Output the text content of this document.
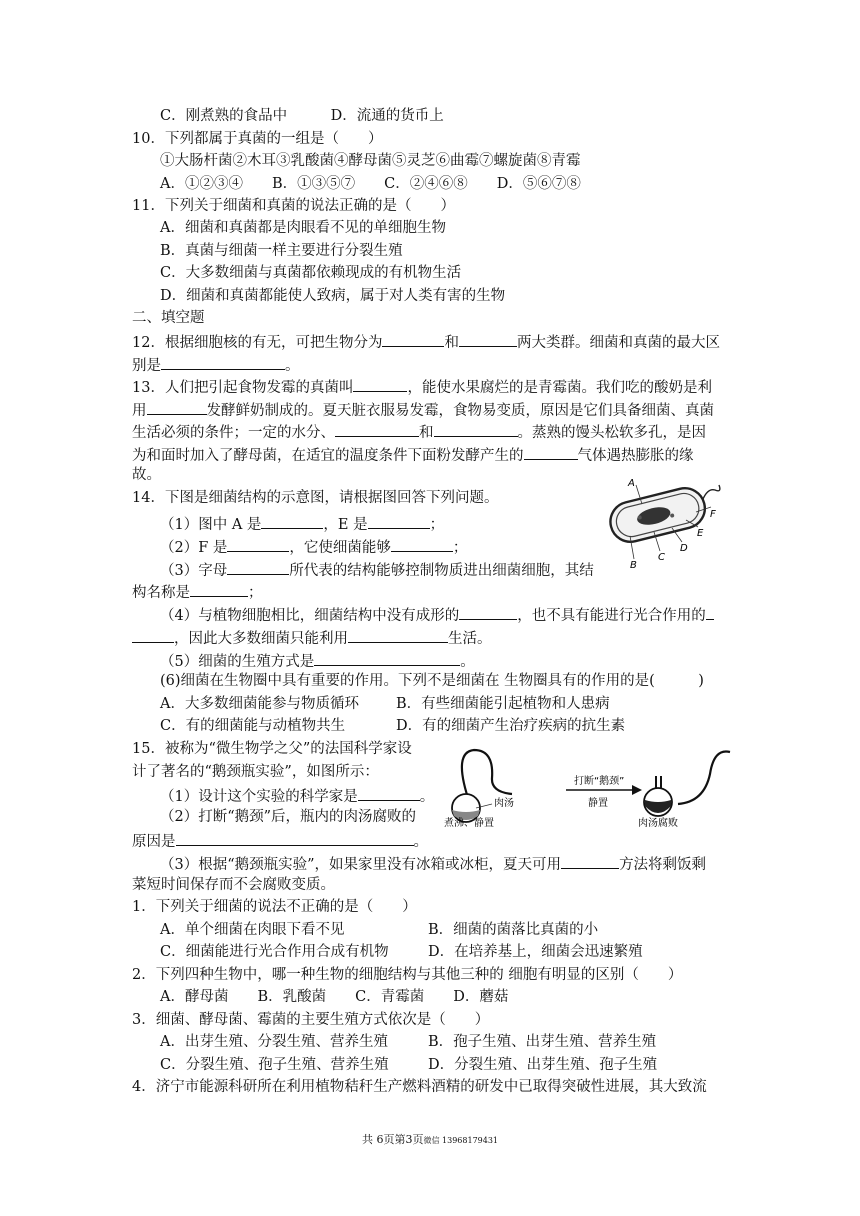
C．刚煮熟的食品中　　　D．流通的货币上
10．下列都属于真菌的一组是（　　）
①大肠杆菌②木耳③乳酸菌④酵母菌⑤灵芝⑥曲霉⑦螺旋菌⑧青霉
A．①②③④　　B．①③⑤⑦　　C．②④⑥⑧　　D．⑤⑥⑦⑧
11．下列关于细菌和真菌的说法正确的是（　　）
A．细菌和真菌都是肉眼看不见的单细胞生物
B．真菌与细菌一样主要进行分裂生殖
C．大多数细菌与真菌都依赖现成的有机物生活
D．细菌和真菌都能使人致病，属于对人类有害的生物
二、填空题
12．根据细胞核的有无，可把生物分为	和	两大类群。细菌和真菌的最大区
别是	。
13．人们把引起食物发霉的真菌叫	，能使水果腐烂的是青霉菌。我们吃的酸奶是利
用	发酵鲜奶制成的。夏天脏衣服易发霉，食物易变质，原因是它们具备细菌、真菌
生活必须的条件；一定的水分、	和	。蒸熟的馒头松软多孔，是因
为和面时加入了酵母菌，在适宜的温度条件下面粉发酵产生的	气体遇热膨胀的缘
故。
14．下图是细菌结构的示意图，请根据图回答下列问题。
（1）图中 A 是	，E 是	；
（2）F 是	，它使细菌能够	；
（3）字母	所代表的结构能够控制物质进出细菌细胞，其结
构名称是	；
（4）与植物细胞相比，细菌结构中没有成形的	，也不具有能进行光合作用的
，因此大多数细菌只能利用	生活。
（5）细菌的生殖方式是	。
(6)细菌在生物圈中具有重要的作用。下列不是细菌在 生物圈具有的作用的是(　　　)
A．大多数细菌能参与物质循环	B．有些细菌能引起植物和人患病
C．有的细菌能与动植物共生	D．有的细菌产生治疗疾病的抗生素
A
F
E
D
C
B
15．被称为“微生物学之父”的法国科学家设
计了著名的“鹅颈瓶实验”，如图所示：
（1）设计这个实验的科学家是	。
（2）打断“鹅颈”后，瓶内的肉汤腐败的
原因是	。
（3）根据“鹅颈瓶实验”，如果家里没有冰箱或冰柜，夏天可用	方法将剩饭剩
菜短时间保存而不会腐败变质。
肉汤
煮沸、静置
打断“鹅颈”
静置
肉汤腐败
1．下列关于细菌的说法不正确的是（　　）
A．单个细菌在肉眼下看不见	B．细菌的菌落比真菌的小
C．细菌能进行光合作用合成有机物	D．在培养基上，细菌会迅速繁殖
2．下列四种生物中，哪一种生物的细胞结构与其他三种的 细胞有明显的区别（　　）
A．酵母菌　　B．乳酸菌　　C．青霉菌　　D．蘑菇
3．细菌、酵母菌、霉菌的主要生殖方式依次是（　　）
A．出芽生殖、分裂生殖、营养生殖	B．孢子生殖、出芽生殖、营养生殖
C．分裂生殖、孢子生殖、营养生殖	D．分裂生殖、出芽生殖、孢子生殖
4．济宁市能源科研所在利用植物秸秆生产燃料酒精的研发中已取得突破性进展，其大致流
共 6页第3页微信 13968179431
